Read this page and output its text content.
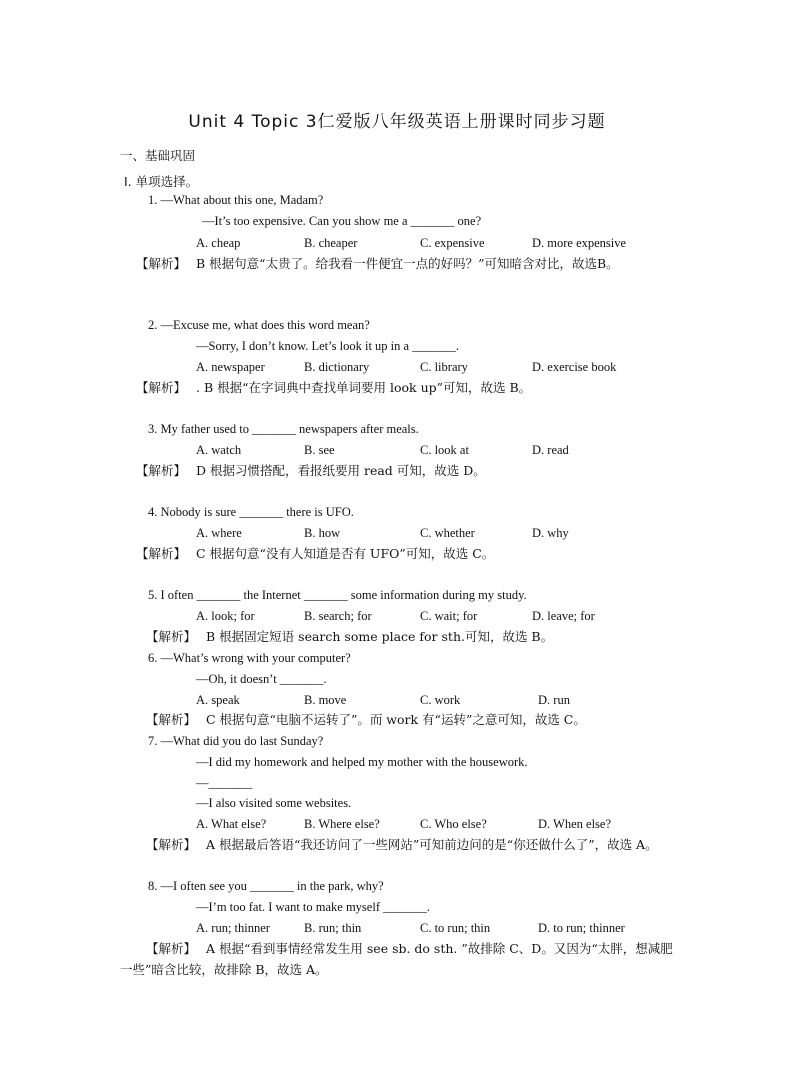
Unit 4 Topic 3仁爱版八年级英语上册课时同步习题
一、基础巩固
Ⅰ. 单项选择。
1. —What about this one, Madam?
—It’s too expensive. Can you show me a _______ one?
A. cheap	B. cheaper	C. expensive	D. more expensive
【解析】 B 根据句意“太贵了。给我看一件便宜一点的好吗？”可知暗含对比，故选B。
2. —Excuse me, what does this word mean?
—Sorry, I don’t know. Let’s look it up in a _______.
A. newspaper	B. dictionary	C. library	D. exercise book
【解析】 . B 根据“在字词典中查找单词要用 look up”可知，故选 B。
3. My father used to _______ newspapers after meals.
A. watch	B. see	C. look at	D. read
【解析】 D 根据习惯搭配，看报纸要用 read 可知，故选 D。
4. Nobody is sure _______ there is UFO.
A. where	B. how	C. whether	D. why
【解析】 C 根据句意“没有人知道是否有 UFO”可知，故选 C。
5. I often _______ the Internet _______ some information during my study.
A. look; for	B. search; for	C. wait; for	D. leave; for
【解析】 B 根据固定短语 search some place for sth.可知，故选 B。
6. —What’s wrong with your computer?
—Oh, it doesn’t _______.
A. speak	B. move	C. work	D. run
【解析】 C 根据句意“电脑不运转了”。而 work 有“运转”之意可知，故选 C。
7. —What did you do last Sunday?
—I did my homework and helped my mother with the housework.
—_______
—I also visited some websites.
A. What else?	B. Where else?	C. Who else?	D. When else?
【解析】 A 根据最后答语“我还访问了一些网站”可知前边问的是“你还做什么了”，故选 A。
8. —I often see you _______ in the park, why?
—I’m too fat. I want to make myself _______.
A. run; thinner	B. run; thin	C. to run; thin	D. to run; thinner
【解析】 A 根据“看到事情经常发生用 see sb. do sth. ”故排除 C、D。又因为“太胖，想减肥一些”暗含比较，故排除 B，故选 A。
